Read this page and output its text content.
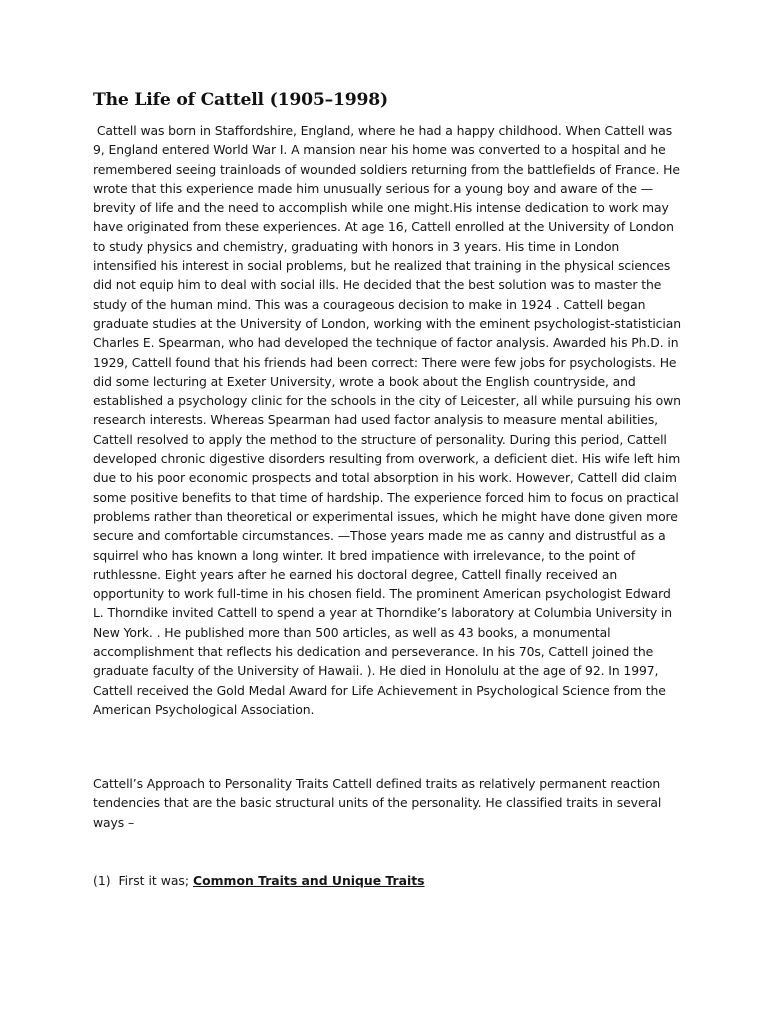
The Life of Cattell (1905–1998)

Cattell was born in Staffordshire, England, where he had a happy childhood. When Cattell was 9, England entered World War I. A mansion near his home was converted to a hospital and he remembered seeing trainloads of wounded soldiers returning from the battlefields of France. He wrote that this experience made him unusually serious for a young boy and aware of the —brevity of life and the need to accomplish while one might.His intense dedication to work may have originated from these experiences. At age 16, Cattell enrolled at the University of London to study physics and chemistry, graduating with honors in 3 years. His time in London intensified his interest in social problems, but he realized that training in the physical sciences did not equip him to deal with social ills. He decided that the best solution was to master the study of the human mind. This was a courageous decision to make in 1924 . Cattell began graduate studies at the University of London, working with the eminent psychologist-statistician Charles E. Spearman, who had developed the technique of factor analysis. Awarded his Ph.D. in 1929, Cattell found that his friends had been correct: There were few jobs for psychologists. He did some lecturing at Exeter University, wrote a book about the English countryside, and established a psychology clinic for the schools in the city of Leicester, all while pursuing his own research interests. Whereas Spearman had used factor analysis to measure mental abilities, Cattell resolved to apply the method to the structure of personality. During this period, Cattell developed chronic digestive disorders resulting from overwork, a deficient diet. His wife left him due to his poor economic prospects and total absorption in his work. However, Cattell did claim some positive benefits to that time of hardship. The experience forced him to focus on practical problems rather than theoretical or experimental issues, which he might have done given more secure and comfortable circumstances. —Those years made me as canny and distrustful as a squirrel who has known a long winter. It bred impatience with irrelevance, to the point of ruthlessne. Eight years after he earned his doctoral degree, Cattell finally received an opportunity to work full-time in his chosen field. The prominent American psychologist Edward L. Thorndike invited Cattell to spend a year at Thorndike’s laboratory at Columbia University in New York. . He published more than 500 articles, as well as 43 books, a monumental accomplishment that reflects his dedication and perseverance. In his 70s, Cattell joined the graduate faculty of the University of Hawaii. ). He died in Honolulu at the age of 92. In 1997, Cattell received the Gold Medal Award for Life Achievement in Psychological Science from the American Psychological Association.

Cattell’s Approach to Personality Traits Cattell defined traits as relatively permanent reaction tendencies that are the basic structural units of the personality. He classified traits in several ways –

(1) First it was; Common Traits and Unique Traits
